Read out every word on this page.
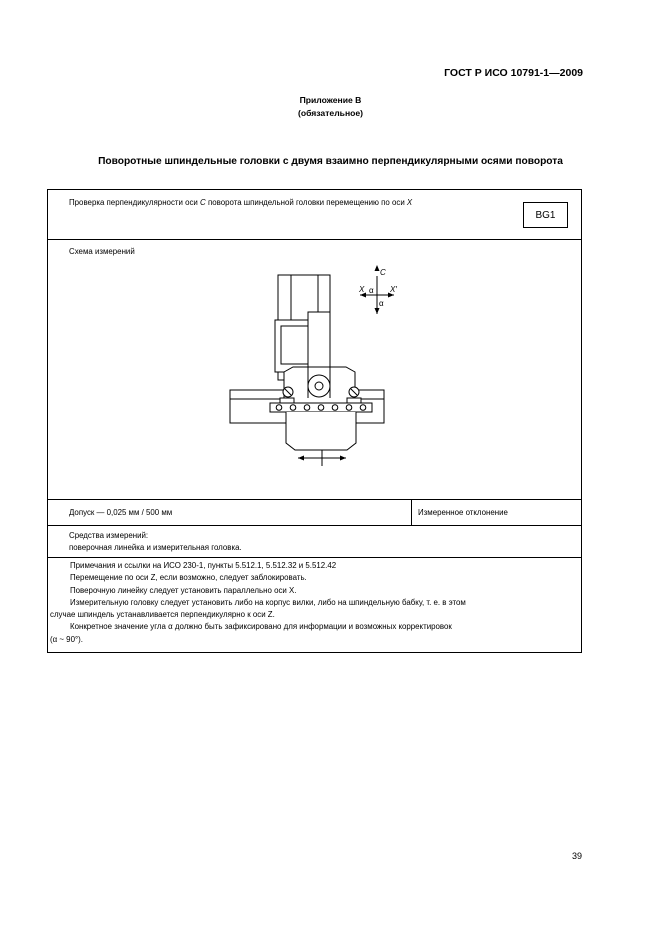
ГОСТ Р ИСО 10791-1—2009
Приложение В
(обязательное)
Поворотные шпиндельные головки с двумя взаимно перпендикулярными осями поворота
Проверка перпендикулярности оси C поворота шпиндельной головки перемещению по оси X
BG1
Схема измерений
C
X	X′
α
α
Допуск — 0,025 мм / 500 мм	Измеренное отклонение
Средства измерений:
поверочная линейка и измерительная головка.
Примечания и ссылки на ИСО 230-1, пункты 5.512.1, 5.512.32 и 5.512.42
Перемещение по оси Z, если возможно, следует заблокировать.
Поверочную линейку следует установить параллельно оси X.
Измерительную головку следует установить либо на корпус вилки, либо на шпиндельную бабку, т. е. в этом
случае шпиндель устанавливается перпендикулярно к оси Z.
Конкретное значение угла α должно быть зафиксировано для информации и возможных корректировок
(α ~ 90°).
39
